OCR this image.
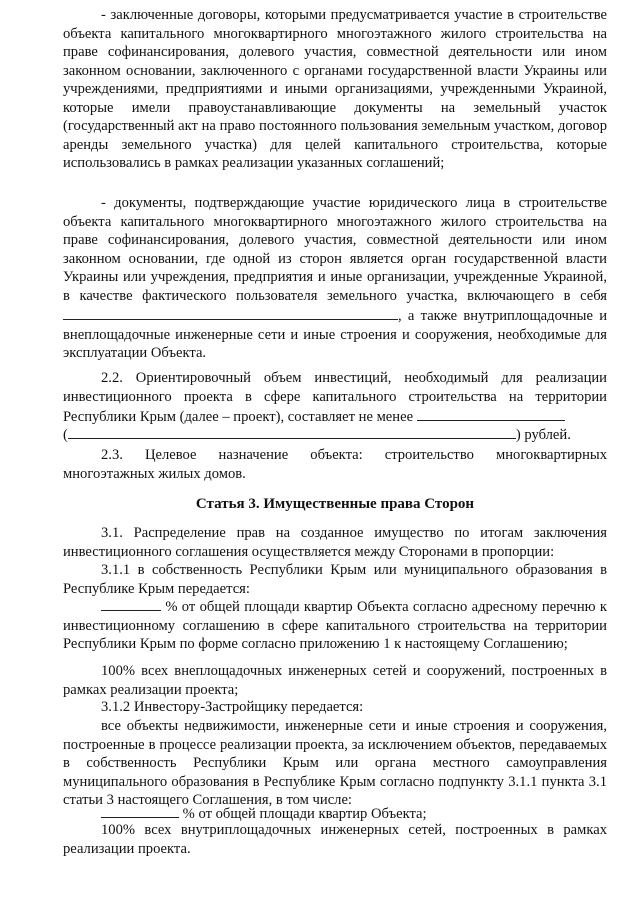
- заключенные договоры, которыми предусматривается участие в строительстве объекта капитального многоквартирного многоэтажного жилого строительства на праве софинансирования, долевого участия, совместной деятельности или ином законном основании, заключенного с органами государственной власти Украины или учреждениями, предприятиями и иными организациями, учрежденными Украиной, которые имели правоустанавливающие документы на земельный участок (государственный акт на право постоянного пользования земельным участком, договор аренды земельного участка) для целей капитального строительства, которые использовались в рамках реализации указанных соглашений;

- документы, подтверждающие участие юридического лица в строительстве объекта капитального многоквартирного многоэтажного жилого строительства на праве софинансирования, долевого участия, совместной деятельности или ином законном основании, где одной из сторон является орган государственной власти Украины или учреждения, предприятия и иные организации, учрежденные Украиной, в качестве фактического пользователя земельного участка, включающего в себя , а также внутриплощадочные и внеплощадочные инженерные сети и иные строения и сооружения, необходимые для эксплуатации Объекта.

2.2. Ориентировочный объем инвестиций, необходимый для реализации инвестиционного проекта в сфере капитального строительства на территории Республики Крым (далее – проект), составляет не менее

(	) рублей.

2.3. Целевое назначение объекта: строительство многоквартирных многоэтажных жилых домов.

Статья 3. Имущественные права Сторон

3.1. Распределение прав на созданное имущество по итогам заключения инвестиционного соглашения осуществляется между Сторонами в пропорции:

3.1.1 в собственность Республики Крым или муниципального образования в Республике Крым передается:

% от общей площади квартир Объекта согласно адресному перечню к инвестиционному соглашению в сфере капитального строительства на территории Республики Крым по форме согласно приложению 1 к настоящему Соглашению;

100% всех внеплощадочных инженерных сетей и сооружений, построенных в рамках реализации проекта;

3.1.2 Инвестору-Застройщику передается:

все объекты недвижимости, инженерные сети и иные строения и сооружения, построенные в процессе реализации проекта, за исключением объектов, передаваемых в собственность Республики Крым или органа местного самоуправления муниципального образования в Республике Крым согласно подпункту 3.1.1 пункта 3.1 статьи 3 настоящего Соглашения, в том числе:

% от общей площади квартир Объекта;

100% всех внутриплощадочных инженерных сетей, построенных в рамках реализации проекта.
